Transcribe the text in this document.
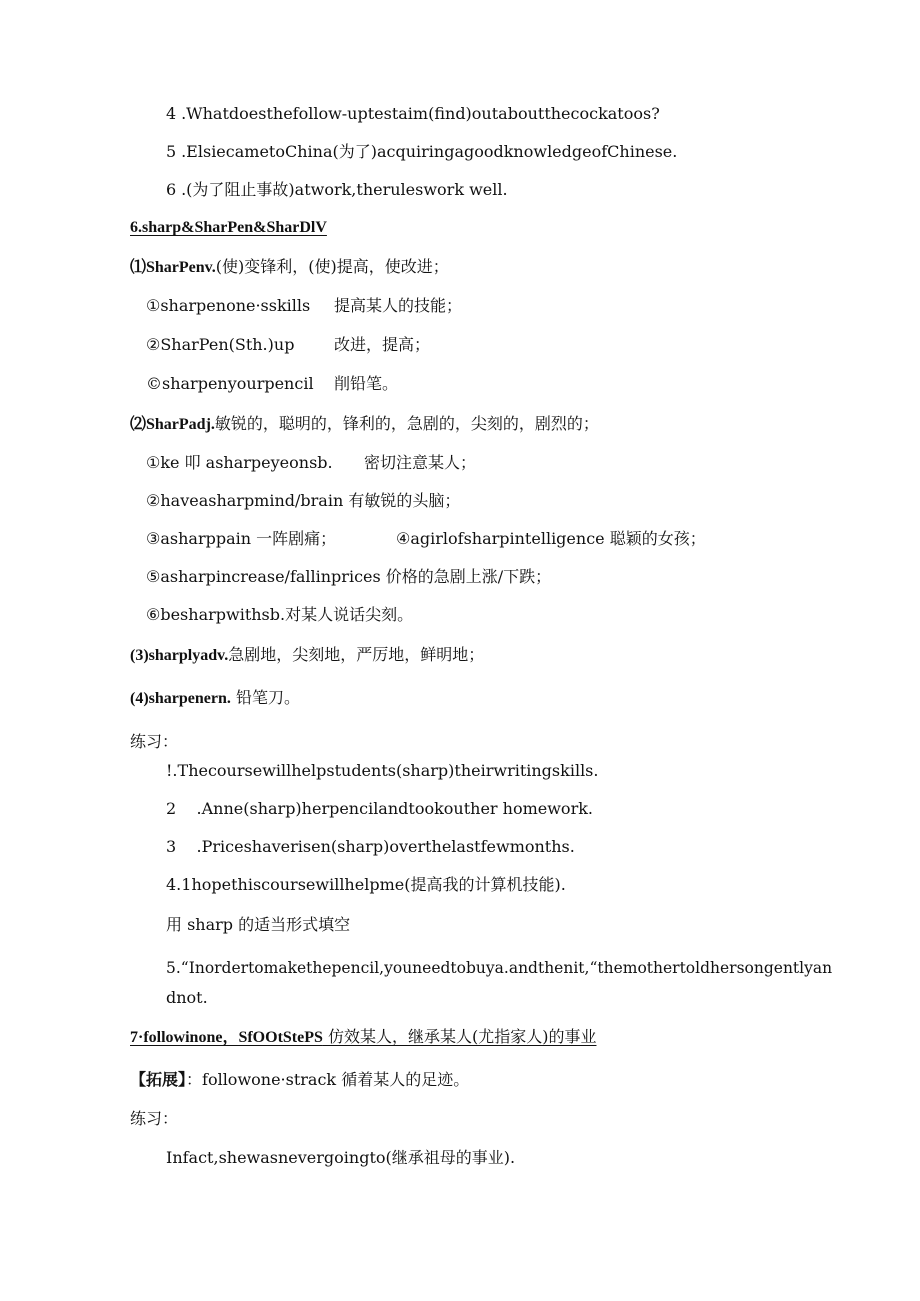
4 .Whatdoesthefollow-uptestaim(find)outaboutthecockatoos?
5 .ElsiecametoChina(为了)acquiringagoodknowledgeofChinese.
6 .(为了阻止事故)atwork,theruleswork well.
6.sharp&SharPen&SharDlV
⑴SharPenv.(使)变锋利，(使)提高，使改进；
①sharpenone·sskills 提高某人的技能；
②SharPen(Sth.)up 改进，提高；
©sharpenyourpencil 削铅笔。
⑵SharPadj.敏锐的，聪明的，锋利的，急剧的，尖刻的，剧烈的；
①ke 叩 asharpeyeonsb. 密切注意某人；
②haveasharpmind/brain 有敏锐的头脑；
③asharppain 一阵剧痛；	④agirlofsharpintelligence 聪颖的女孩；
⑤asharpincrease/fallinprices 价格的急剧上涨/下跌；
⑥besharpwithsb.对某人说话尖刻。
(3)sharplyadv.急剧地，尖刻地，严厉地，鲜明地；
(4)sharpenern. 铅笔刀。
练习：
!.Thecoursewillhelpstudents(sharp)theirwritingskills.
2    .Anne(sharp)herpencilandtookouther homework.
3    .Priceshaverisen(sharp)overthelastfewmonths.
4.1hopethiscoursewillhelpme(提高我的计算机技能).
用 sharp 的适当形式填空
5.“Inordertomakethepencil,youneedtobuya.andthenit,“themothertoldhersongentlyan
dnot.
7·followinone，SfOOtStePS 仿效某人，继承某人(尤指家人)的事业
【拓展】：followone·strack 循着某人的足迹。
练习：
Infact,shewasnevergoingto(继承祖母的事业).
